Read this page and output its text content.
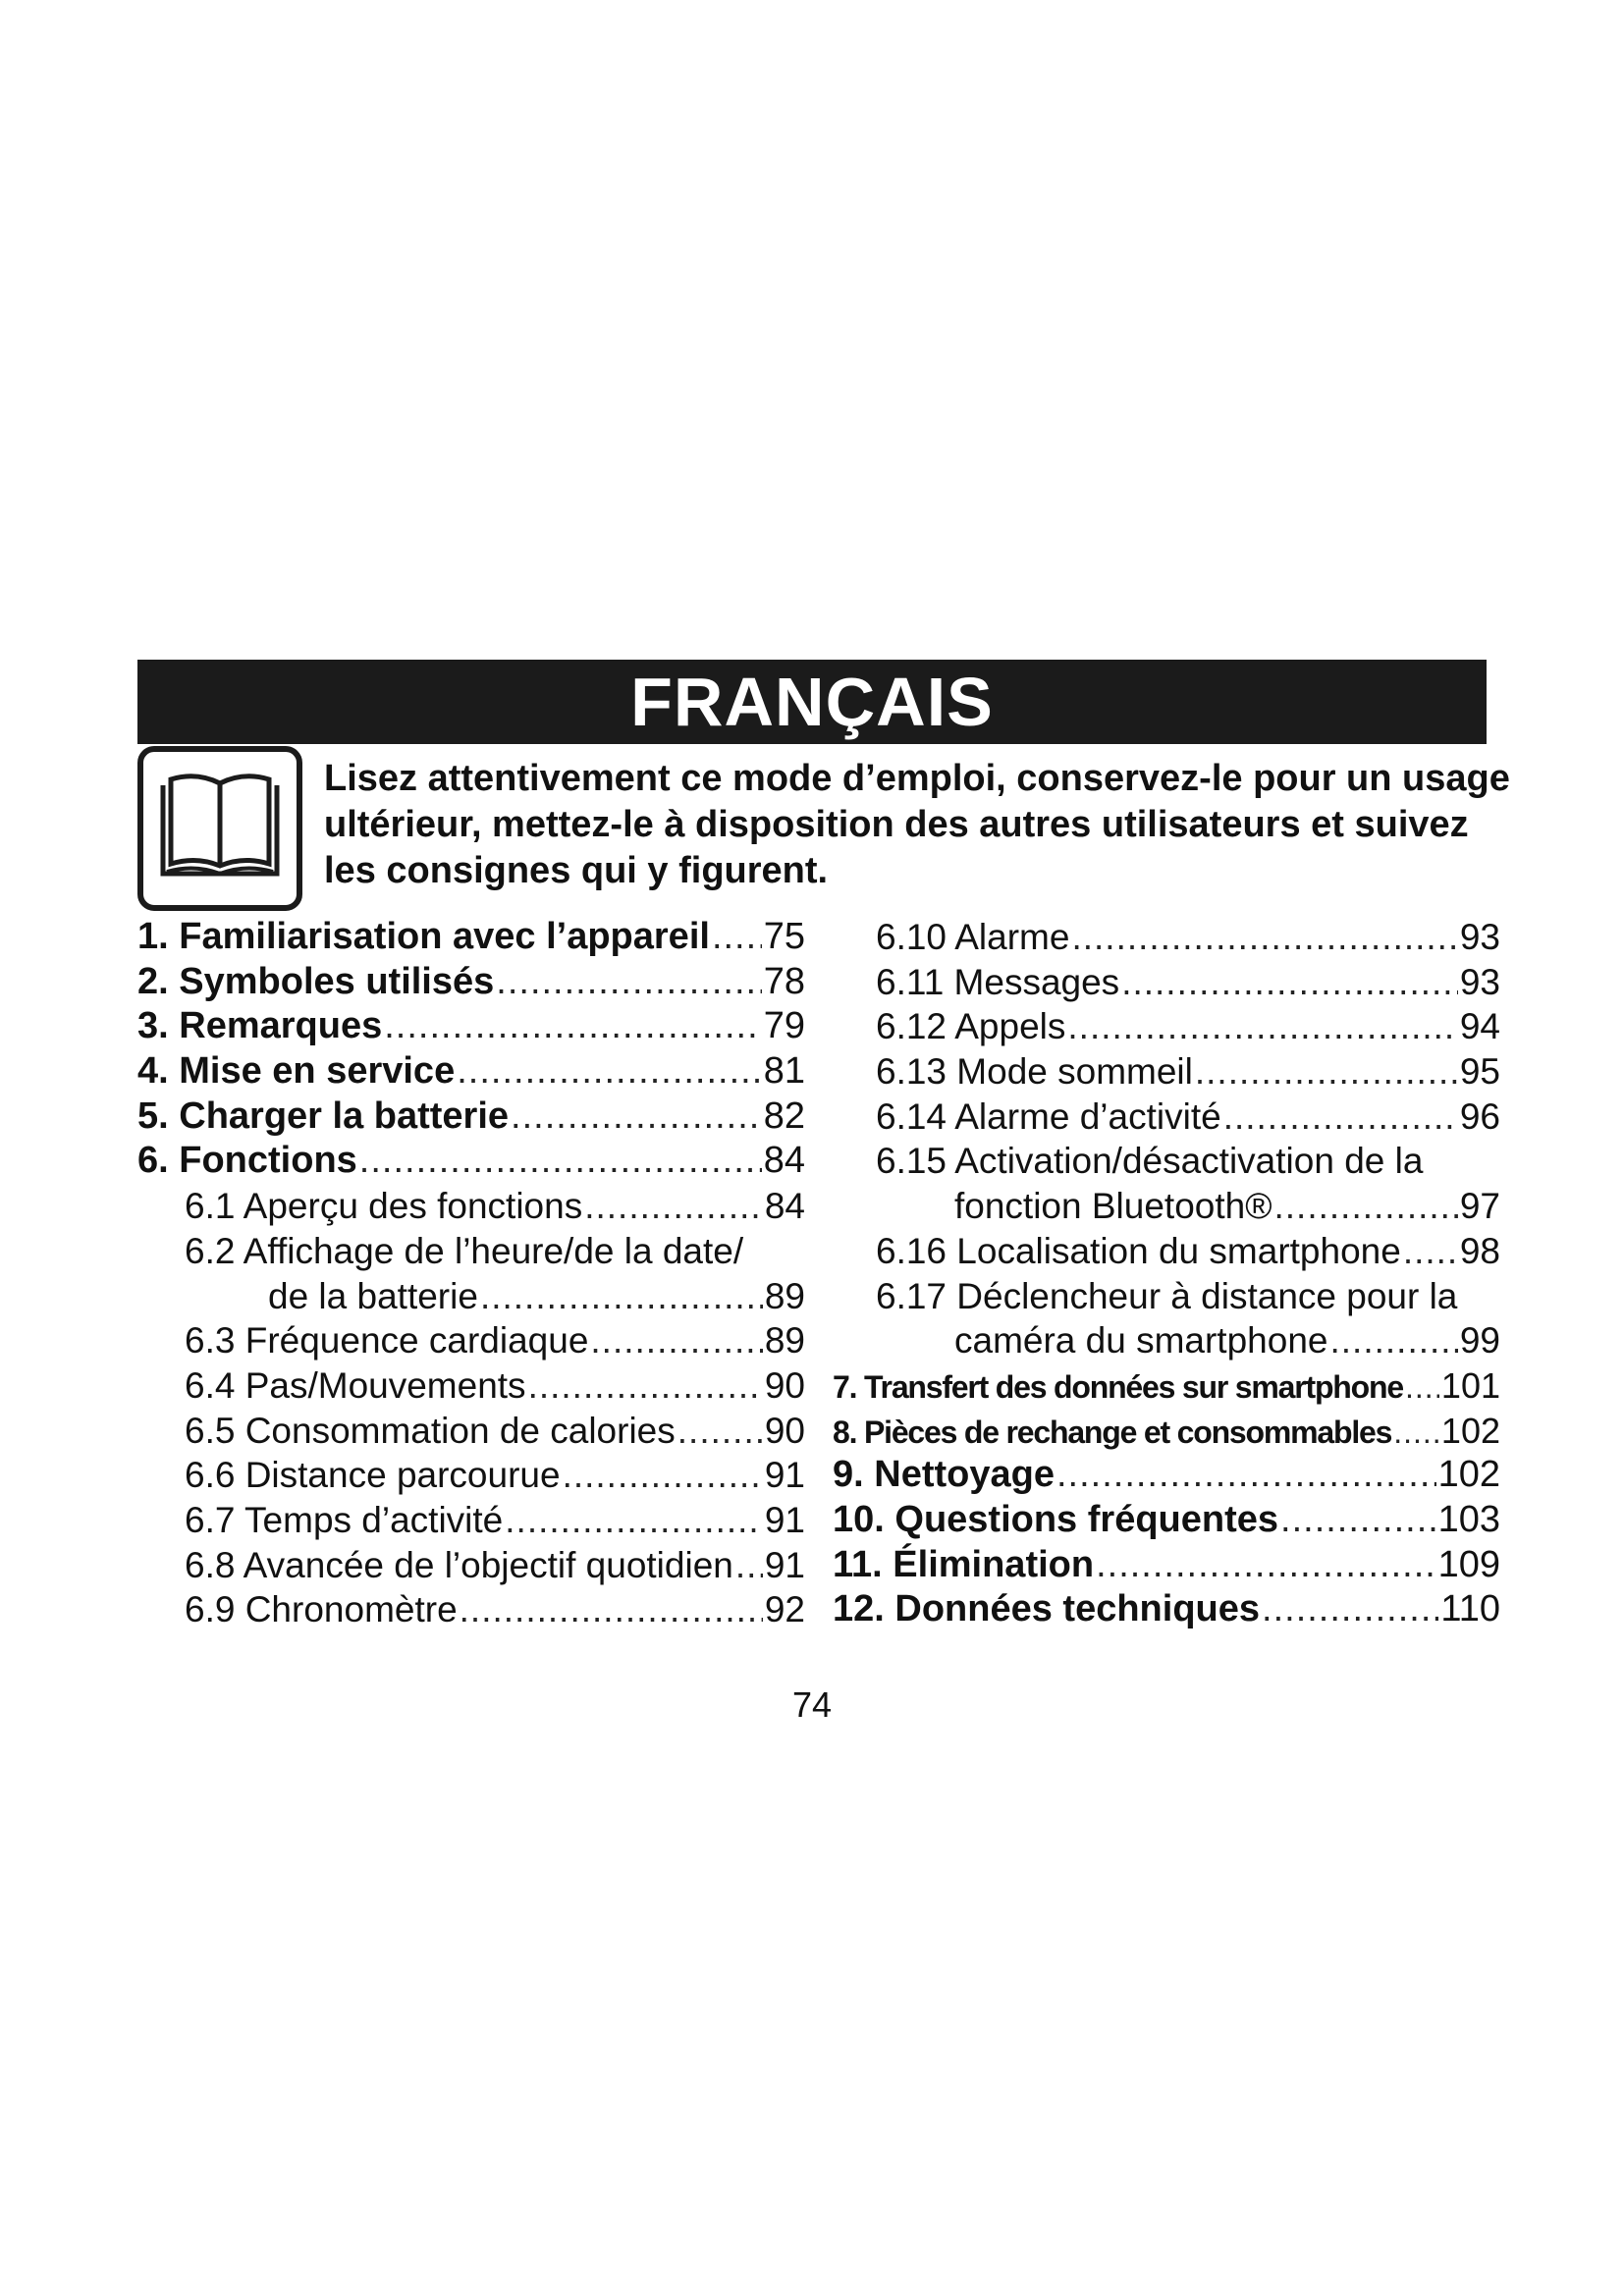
FRANÇAIS
Lisez attentivement ce mode d’emploi, conservez-le pour un usage ultérieur, mettez-le à disposition des autres utilisateurs et suivez les consignes qui y figurent.
1. Familiarisation avec l’appareil ..... 75
2. Symboles utilisés .....	78
3. Remarques .....	79
4. Mise en service .....	81
5. Charger la batterie .....	82
6. Fonctions .....	84
6.1 Aperçu des fonctions .....	84
6.2 Affichage de l’heure/de la date/
de la batterie .....	89
6.3 Fréquence cardiaque .....	89
6.4 Pas/Mouvements .....	90
6.5 Consommation de calories ..... 90
6.6 Distance parcourue .....	91
6.7 Temps d’activité .....	91
6.8 Avancée de l’objectif quotidien ..... 91
6.9 Chronomètre .....	92
6.10 Alarme .....	93
6.11 Messages .....	93
6.12 Appels .....	94
6.13 Mode sommeil .....	95
6.14 Alarme d’activité .....	96
6.15 Activation/désactivation de la
fonction Bluetooth® .....	97
6.16 Localisation du smartphone ..... 98
6.17 Déclencheur à distance pour la
caméra du smartphone .....	99
7. Transfert des données sur smartphone ..... 101
8. Pièces de rechange et consommables ..... 102
9. Nettoyage .....	102
10. Questions fréquentes .....	103
11. Élimination .....	109
12. Données techniques .....	110
74
